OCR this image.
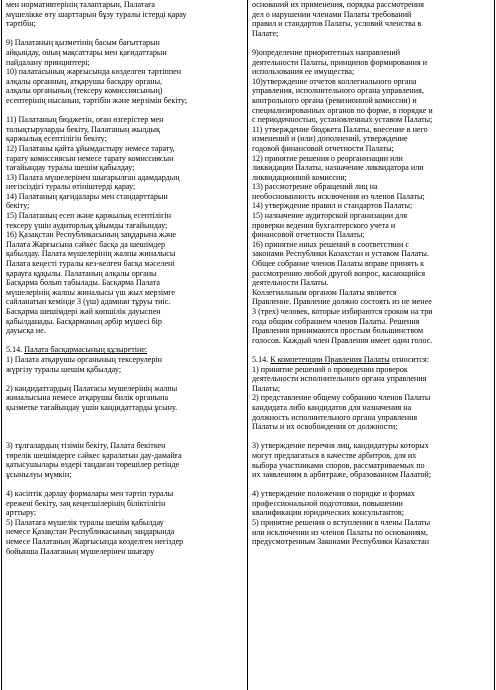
мен нормативтерінің талаптарын, Палатаға
мүшелікке өту шарттарын бұзу туралы істерді қарау
тәртібін;

9) Палатаның қызметінің басым бағыттарын
айқындау, оның мақсаттары мен қағидаттарын
пайдалану принциптері;

10) палатасының жарғысында көзделген тәртіппен
алқалы органның, атқарушы басқару органы,
алқалы органының (тексеру комиссиясының)
есептерінің нысанын, тәртібін және мерзімін бекіту;

11) Палатаның бюджетін, оған өзгерістер мен
толықтыруларды бекіту, Палатаның жылдық
қаржылық есептілігін бекіту;

12) Палатаны қайта ұйымдастыру немесе тарату,
тарату комиссиясын немесе тарату комиссиясын
тағайындау туралы шешім қабылдау;

13) Палата мүшелерінен шығарылған адамдардың
негізсіздігі туралы өтініштерді қарау;

14) Палатаның қағидалары мен стандарттарын
бекіту;

15) Палатаның есеп және қаржылық есептілігін
тексеру үшін аудиторлық ұйымды тағайындау;

16) Қазақстан Республикасының заңдарына және
Палата Жарғысына сәйкес басқа да шешімдер
қабылдау. Палата мүшелерінің жалпы жиналысы
Палата кеңесті туралы кез-келген басқа мәселені
қарауға құқылы. Палатаның алқалы органы
Басқарма болып табылады. Басқарма Палата
мүшелерінің жалпы жиналысы үш жыл мерзімге
сайланатын кемінде 3 (үш) адамнан тұруы тиіс.
Басқарма шешімдері жай көпшілік дауыспен
қабылданады. Басқарманың әрбір мүшесі бір
дауысқа ие.

5.14. Палата басқармасының құзыретіне:

1) Палата атқарушы органының тексерулерін
жүргізу туралы шешім қабылдау;

2) кандидаттардың Палатасы мүшелерінің жалпы
жиналысына немесе атқарушы билік органына
қызметке тағайындау үшін кандидаттарды ұсыну.

3) тұлғалардың тізімін бекіту, Палата бекіткен
төрелік шешімдерге сәйкес қаралатын дау-дамайға
қатысушылары өздері таңдаған төрешілер ретінде
ұсынылуы мүмкін;

4) кәсіптік дәрлау формалары мен тәртіп туралы
ережені бекіту, заң кеңесшілерінің біліктілігін
арттыру;

5) Палатаға мүшелік туралы шешім қабылдау
немесе Қазақстан Республикасының заңдарында
немесе Палатаның Жарғысында көзделген негіздер
бойынша Палатаның мүшелерінен шығару

оснований их применения, порядка рассмотрения
дел о нарушении членами Палаты требований
правил и стандартов Палаты, условий членства в
Палате;

9)определение приоритетных направлений
деятельности Палаты, принципов формирования и
использования ее имущества;

10)утверждение отчетов коллегиального органа
управления, исполнительного органа управления,
контрольного органа (ревизионной комиссии) и
специализированных органов по форме, в порядке и
с периодичностью, установленных уставом Палаты;

11) утверждение бюджета Палаты, внесение в него
изменений и (или) дополнений, утверждение
годовой финансовой отчетности Палаты;

12) принятие решения о реорганизации или
ликвидации Палаты, назначение ликвидатора или
ликвидационной комиссии;

13) рассмотрение обращений лиц на
необоснованность исключения из членов Палаты;

14) утверждение правил и стандартов Палаты;

15) назначение аудиторской организации для
проверки ведения бухгалтерского учета и
финансовой отчетности Палаты;

16) принятие иных решений в соответствии с
законами Республики Казахстан и уставом Палаты.
Общее собрание членов Палаты вправе принять к
рассмотрению любой другой вопрос, касающийся
деятельности Палаты.

Коллегиальным органом Палаты является
Правление. Правление должно состоять из не менее
3 (трех) человек, которые избираются сроком на три
года общим собранием членов Палаты. Решения
Правления принимаются простым большинством
голосов. Каждый член Правления имеет один голос.

5.14. К компетенции Правления Палаты относится:

1) принятие решений о проведении проверок
деятельности исполнительного органа управления
Палаты;

2) представление общему собранию членов Палаты
кандидата либо кандидатов для назначения на
должность исполнительного органа управления
Палаты и их освобождения от должности;

3) утверждение перечня лиц, кандидатуры которых
могут предлагаться в качестве арбитров, для их
выбора участниками споров, рассматриваемых по
их заявлениям в арбитраже, образованном Палатой;

4) утверждение положения о порядке и формах
профессиональной подготовки, повышении
квалификации юридических консультантов;

5) принятие решения о вступлении в члены Палаты
или исключении из членов Палаты по основаниям,
предусмотренным Законами Республики Казахстан
